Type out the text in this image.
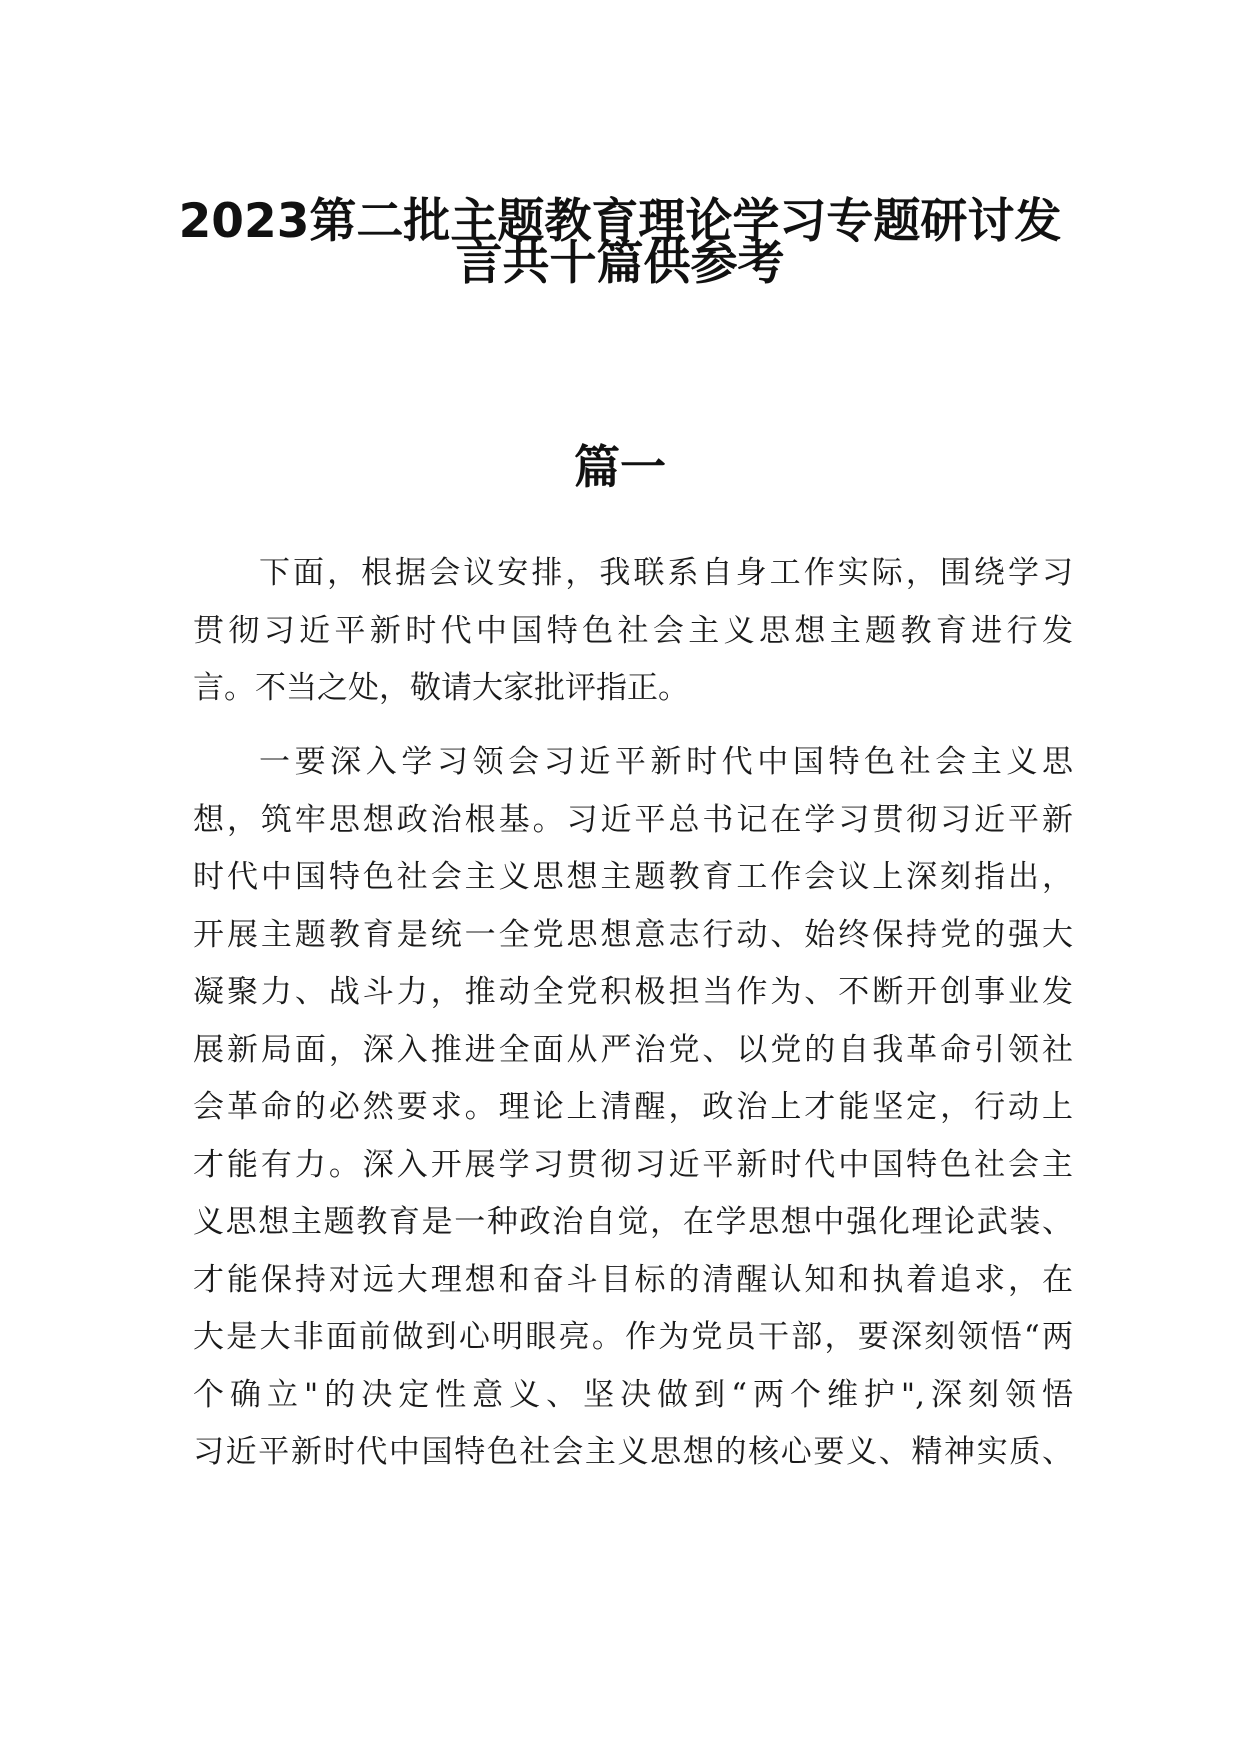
2023第二批主题教育理论学习专题研讨发
言共十篇供参考
篇一
下面，根据会议安排，我联系自身工作实际，围绕学习
贯彻习近平新时代中国特色社会主义思想主题教育进行发
言。不当之处，敬请大家批评指正。
一要深入学习领会习近平新时代中国特色社会主义思
想，筑牢思想政治根基。习近平总书记在学习贯彻习近平新
时代中国特色社会主义思想主题教育工作会议上深刻指出，
开展主题教育是统一全党思想意志行动、始终保持党的强大
凝聚力、战斗力，推动全党积极担当作为、不断开创事业发
展新局面，深入推进全面从严治党、以党的自我革命引领社
会革命的必然要求。理论上清醒，政治上才能坚定，行动上
才能有力。深入开展学习贯彻习近平新时代中国特色社会主
义思想主题教育是一种政治自觉，在学思想中强化理论武装、
才能保持对远大理想和奋斗目标的清醒认知和执着追求，在
大是大非面前做到心明眼亮。作为党员干部，要深刻领悟“两
个确立"的决定性意义、坚决做到“两个维护",深刻领悟
习近平新时代中国特色社会主义思想的核心要义、精神实质、
